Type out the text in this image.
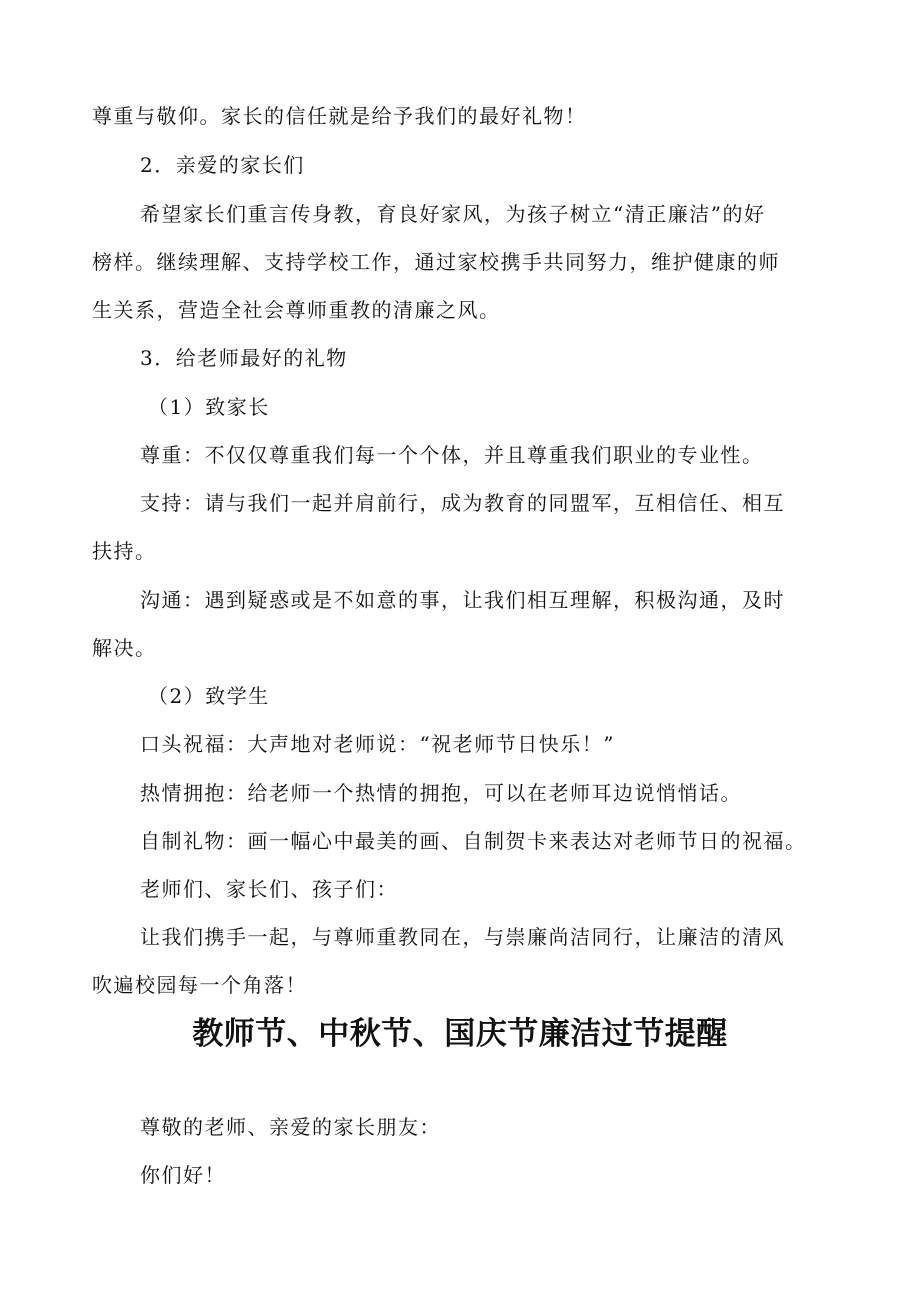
尊重与敬仰。家长的信任就是给予我们的最好礼物！
2．亲爱的家长们
希望家长们重言传身教，育良好家风，为孩子树立“清正廉洁”的好
榜样。继续理解、支持学校工作，通过家校携手共同努力，维护健康的师
生关系，营造全社会尊师重教的清廉之风。
3．给老师最好的礼物
（1）致家长
尊重：不仅仅尊重我们每一个个体，并且尊重我们职业的专业性。
支持：请与我们一起并肩前行，成为教育的同盟军，互相信任、相互
扶持。
沟通：遇到疑惑或是不如意的事，让我们相互理解，积极沟通，及时
解决。
（2）致学生
口头祝福：大声地对老师说：“祝老师节日快乐！”
热情拥抱：给老师一个热情的拥抱，可以在老师耳边说悄悄话。
自制礼物：画一幅心中最美的画、自制贺卡来表达对老师节日的祝福。
老师们、家长们、孩子们：
让我们携手一起，与尊师重教同在，与崇廉尚洁同行，让廉洁的清风
吹遍校园每一个角落！
教师节、中秋节、国庆节廉洁过节提醒
尊敬的老师、亲爱的家长朋友：
你们好！
